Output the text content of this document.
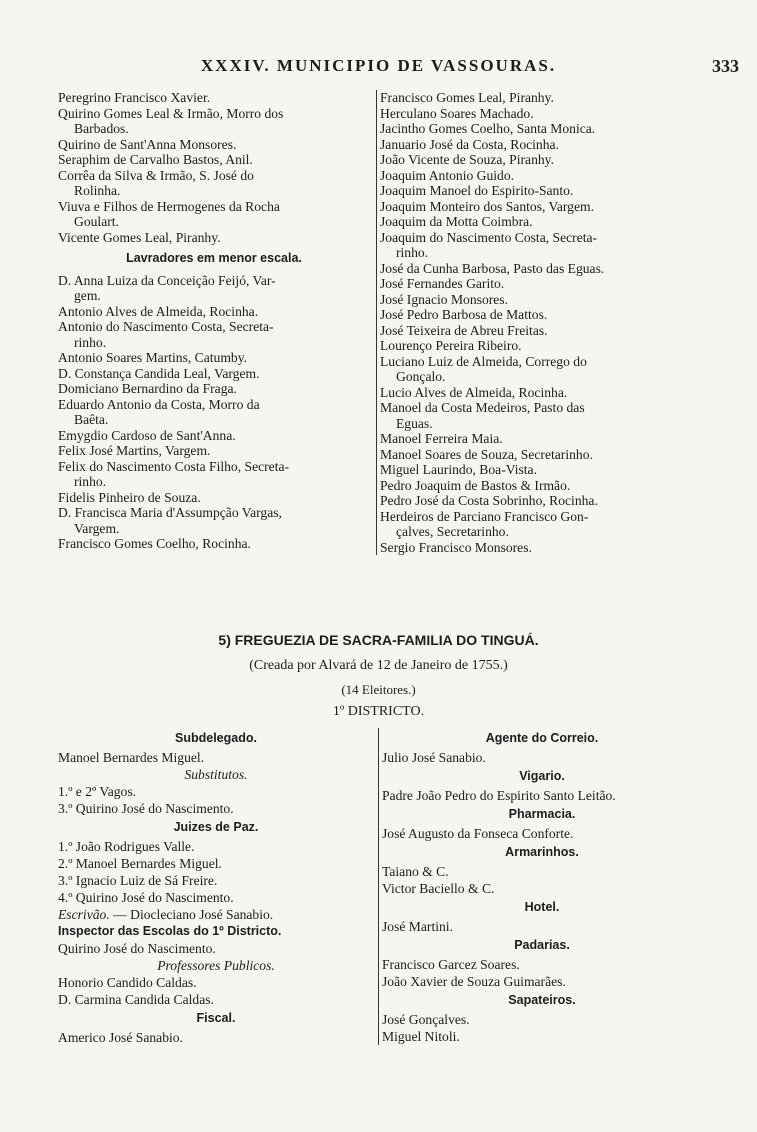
XXXIV. MUNICIPIO DE VASSOURAS.	333
Peregrino Francisco Xavier.
Quirino Gomes Leal & Irmão, Morro dos
Barbados.
Quirino de Sant'Anna Monsores.
Seraphim de Carvalho Bastos, Anil.
Corrêa da Silva & Irmão, S. José do
Rolinha.
Viuva e Filhos de Hermogenes da Rocha
Goulart.
Vicente Gomes Leal, Piranhy.
Lavradores em menor escala.
D. Anna Luiza da Conceição Feijó, Var-
gem.
Antonio Alves de Almeida, Rocinha.
Antonio do Nascimento Costa, Secreta-
rinho.
Antonio Soares Martins, Catumby.
D. Constança Candida Leal, Vargem.
Domiciano Bernardino da Fraga.
Eduardo Antonio da Costa, Morro da
Baêta.
Emygdio Cardoso de Sant'Anna.
Felix José Martins, Vargem.
Felix do Nascimento Costa Filho, Secreta-
rinho.
Fidelis Pinheiro de Souza.
D. Francisca Maria d'Assumpção Vargas,
Vargem.
Francisco Gomes Coelho, Rocinha.
Francisco Gomes Leal, Piranhy.
Herculano Soares Machado.
Jacintho Gomes Coelho, Santa Monica.
Januario José da Costa, Rocinha.
João Vicente de Souza, Piranhy.
Joaquim Antonio Guido.
Joaquim Manoel do Espirito-Santo.
Joaquim Monteiro dos Santos, Vargem.
Joaquim da Motta Coimbra.
Joaquim do Nascimento Costa, Secreta-
rinho.
José da Cunha Barbosa, Pasto das Eguas.
José Fernandes Garito.
José Ignacio Monsores.
José Pedro Barbosa de Mattos.
José Teixeira de Abreu Freitas.
Lourenço Pereira Ribeiro.
Luciano Luiz de Almeida, Corrego do
Gonçalo.
Lucio Alves de Almeida, Rocinha.
Manoel da Costa Medeiros, Pasto das
Eguas.
Manoel Ferreira Maia.
Manoel Soares de Souza, Secretarinho.
Miguel Laurindo, Boa-Vista.
Pedro Joaquim de Bastos & Irmão.
Pedro José da Costa Sobrinho, Rocinha.
Herdeiros de Parciano Francisco Gon-
çalves, Secretarinho.
Sergio Francisco Monsores.
5) FREGUEZIA DE SACRA-FAMILIA DO TINGUÁ.
(Creada por Alvará de 12 de Janeiro de 1755.)
(14 Eleitores.)
1º DISTRICTO.
Subdelegado.
Manoel Bernardes Miguel.
Substitutos.
1.º e 2º Vagos.
3.º Quirino José do Nascimento.
Juizes de Paz.
1.º João Rodrigues Valle.
2.º Manoel Bernardes Miguel.
3.º Ignacio Luiz de Sá Freire.
4.º Quirino José do Nascimento.
Escrivão. — Diocleciano José Sanabio.
Inspector das Escolas do 1º Districto.
Quirino José do Nascimento.
Professores Publicos.
Honorio Candido Caldas.
D. Carmina Candida Caldas.
Fiscal.
Americo José Sanabio.
Agente do Correio.
Julio José Sanabio.
Vigario.
Padre João Pedro do Espirito Santo Leitão.
Pharmacia.
José Augusto da Fonseca Conforte.
Armarinhos.
Taiano & C.
Victor Baciello & C.
Hotel.
José Martini.
Padarias.
Francisco Garcez Soares.
João Xavier de Souza Guimarães.
Sapateiros.
José Gonçalves.
Miguel Nitoli.
